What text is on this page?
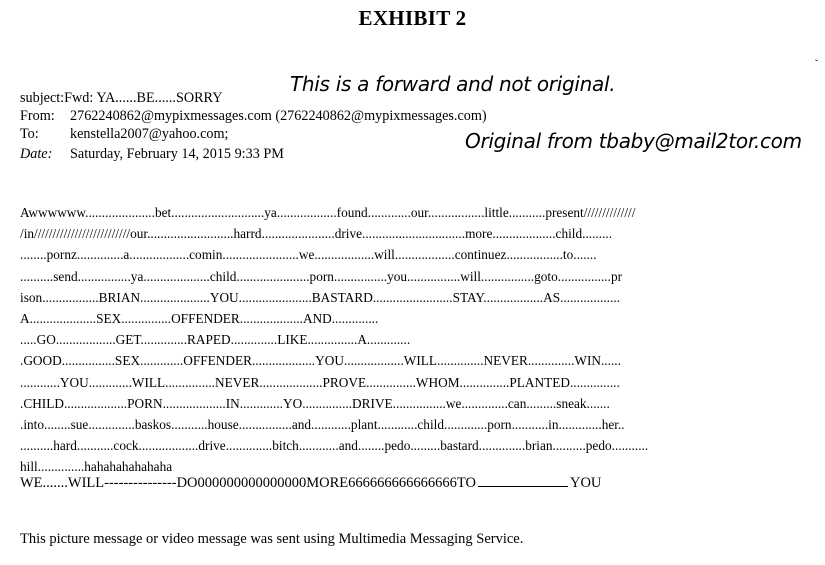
EXHIBIT 2
subject:Fwd: YA......BE......SORRY
From: 2762240862@mypixmessages.com (2762240862@mypixmessages.com)
To: kenstella2007@yahoo.com;
Date: Saturday, February 14, 2015 9:33 PM
This is a forward and not original.
Original from tbaby@mail2tor.com
ˇ
Awwwwww.....................bet............................ya..................found.............our.................little...........present//////////////
/in//////////////////////////our..........................harrd......................drive...............................more...................child.........
........pornz..............a..................comin.......................we..................will..................continuez.................to.......
..........send................ya....................child......................porn................you................will................goto................pr
ison.................BRIAN.....................YOU......................BASTARD........................STAY..................AS..................
A....................SEX...............OFFENDER...................AND..............
.....GO..................GET..............RAPED..............LIKE...............A.............
.GOOD................SEX.............OFFENDER...................YOU..................WILL..............NEVER..............WIN......
............YOU.............WILL...............NEVER...................PROVE...............WHOM...............PLANTED...............
.CHILD...................PORN...................IN.............YO...............DRIVE................we..............can.........sneak.......
.into........sue..............baskos...........house................and............plant............child.............porn...........in.............her..
..........hard...........cock..................drive..............bitch............and........pedo.........bastard..............brian..........pedo...........
hill..............hahahahahahaha
WE.......WILL---------------DO000000000000000MORE666666666666666TO	YOU
This picture message or video message was sent using Multimedia Messaging Service.
